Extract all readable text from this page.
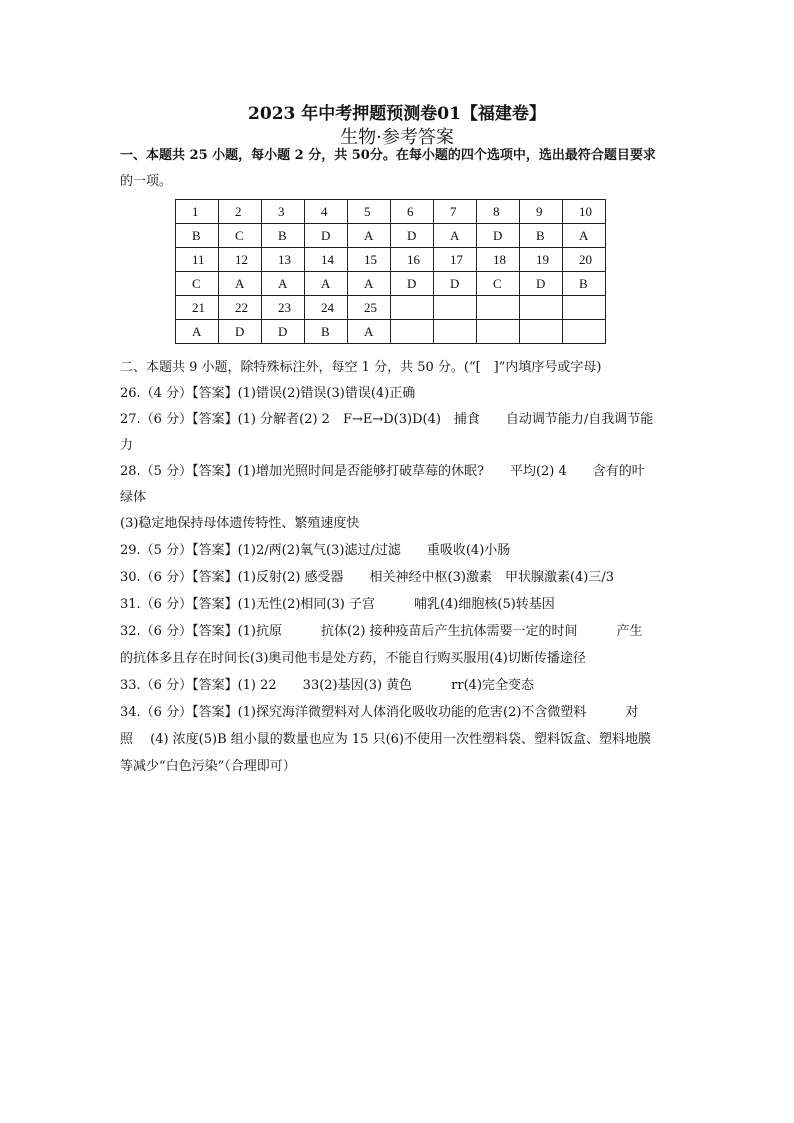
2023 年中考押题预测卷01【福建卷】
生物·参考答案
一、本题共 25 小题，每小题 2 分，共 50分。在每小题的四个选项中，选出最符合题目要求
的一项。
1	2	3	4	5	6	7	8	9	10
B	C	B	D	A	D	A	D	B	A
11	12	13	14	15	16	17	18	19	20
C	A	A	A	A	D	D	C	D	B
21	22	23	24	25					
A	D	D	B	A					
二、本题共 9 小题，除特殊标注外，每空 1 分，共 50 分。(“[　]”内填序号或字母)
26.（4 分）【答案】(1)错误(2)错误(3)错误(4)正确
27.（6 分）【答案】(1) 分解者(2) 2　F→E→D(3)D(4)　捕食　　自动调节能力/自我调节能
力
28.（5 分）【答案】(1)增加光照时间是否能够打破草莓的休眠?　　平均(2) 4　　含有的叶
绿体
(3)稳定地保持母体遗传特性、繁殖速度快
29.（5 分）【答案】(1)2/两(2)氧气(3)滤过/过滤　　重吸收(4)小肠
30.（6 分）【答案】(1)反射(2) 感受器　　相关神经中枢(3)激素　甲状腺激素(4)三/3
31.（6 分）【答案】(1)无性(2)相同(3) 子宫　　　哺乳(4)细胞核(5)转基因
32.（6 分）【答案】(1)抗原　　　抗体(2) 接种疫苗后产生抗体需要一定的时间　　　产生
的抗体多且存在时间长(3)奥司他韦是处方药，不能自行购买服用(4)切断传播途径
33.（6 分）【答案】(1) 22　　33(2)基因(3) 黄色　　　rr(4)完全变态
34.（6 分）【答案】(1)探究海洋微塑料对人体消化吸收功能的危害(2)不含微塑料　　　对
照　 (4) 浓度(5)B 组小鼠的数量也应为 15 只(6)不使用一次性塑料袋、塑料饭盒、塑料地膜
等减少“白色污染”（合理即可）
